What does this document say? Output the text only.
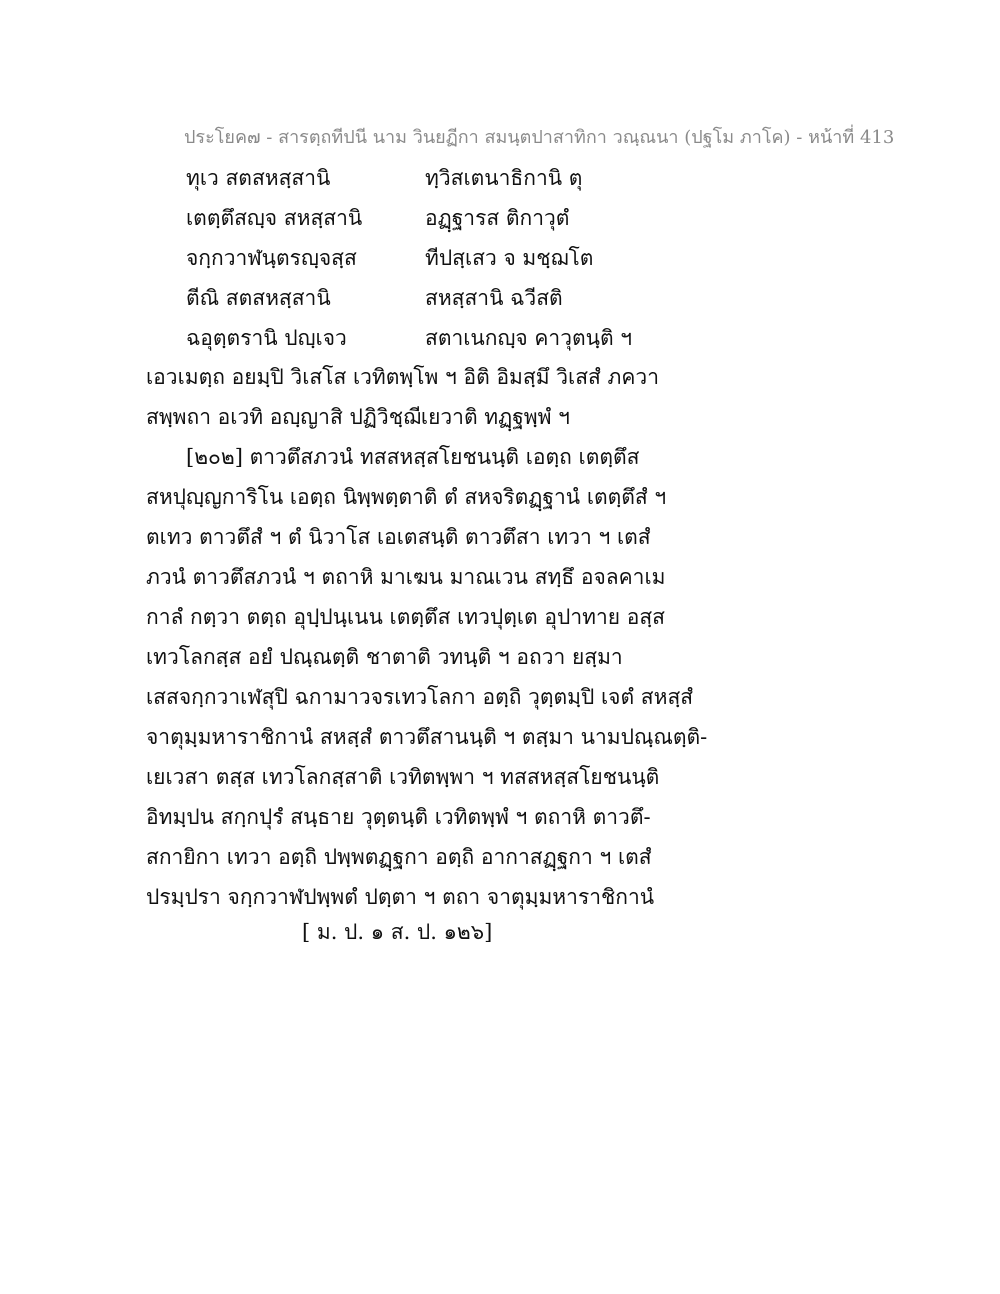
ประโยค๗ - สารตฺถทีปนี นาม วินยฏีกา สมนฺตปาสาทิกา วณฺณนา (ปฐโม ภาโค) - หน้าที่ 413
ทุเว สตสหสฺสานิ	ทฺวิสเตนาธิกานิ ตุ
เตตฺตึสญฺจ สหสฺสานิ	อฏฺฐารส ติกาวุตํ
จกฺกวาฬนฺตรญฺจสฺส	ทีปสฺเสว จ มชฺฌโต
ตีณิ สตสหสฺสานิ	สหสฺสานิ ฉวีสติ
ฉอุตฺตรานิ ปญฺเจว	สตาเนกญฺจ คาวุตนฺติ ฯ
เอวเมตฺถ อยมฺปิ วิเสโส เวทิตพฺโพ ฯ อิติ อิมสฺมึ วิเสสํ ภควา
สพฺพถา อเวทิ อญฺญาสิ ปฏิวิชฺฌีเยวาติ ทฏฺฐพฺพํ ฯ
[๒๐๒] ตาวตึสภวนํ ทสสหสฺสโยชนนฺติ เอตฺถ เตตฺตึส
สหปุญฺญการิโน เอตฺถ นิพฺพตฺตาติ ตํ สหจริตฏฺฐานํ เตตฺตึสํ ฯ
ตเทว ตาวตึสํ ฯ ตํ นิวาโส เอเตสนฺติ ตาวตึสา เทวา ฯ เตสํ
ภวนํ ตาวตึสภวนํ ฯ ตถาหิ มาเฆน มาณเวน สทฺธึ อจลคาเม
กาลํ กตฺวา ตตฺถ อุปฺปนฺเนน เตตฺตึส เทวปุตฺเต อุปาทาย อสฺส
เทวโลกสฺส อยํ ปณฺณตฺติ ชาตาติ วทนฺติ ฯ อถวา ยสฺมา
เสสจกฺกวาเฬสุปิ ฉกามาวจรเทวโลกา อตฺถิ วุตฺตมฺปิ เจตํ สหสฺสํ
จาตุมฺมหาราชิกานํ สหสฺสํ ตาวตึสานนฺติ ฯ ตสฺมา นามปณฺณตฺติ-
เยเวสา ตสฺส เทวโลกสฺสาติ เวทิตพฺพา ฯ ทสสหสฺสโยชนนฺติ
อิทมฺปน สกฺกปุรํ สนฺธาย วุตฺตนฺติ เวทิตพฺพํ ฯ ตถาหิ ตาวตึ-
สกายิกา เทวา อตฺถิ ปพฺพตฏฺฐกา อตฺถิ อากาสฏฺฐกา ฯ เตสํ
ปรมฺปรา จกฺกวาฬปพฺพตํ ปตฺตา ฯ ตถา จาตุมฺมหาราชิกานํ
[ ม. ป. ๑ ส. ป. ๑๒๖]
